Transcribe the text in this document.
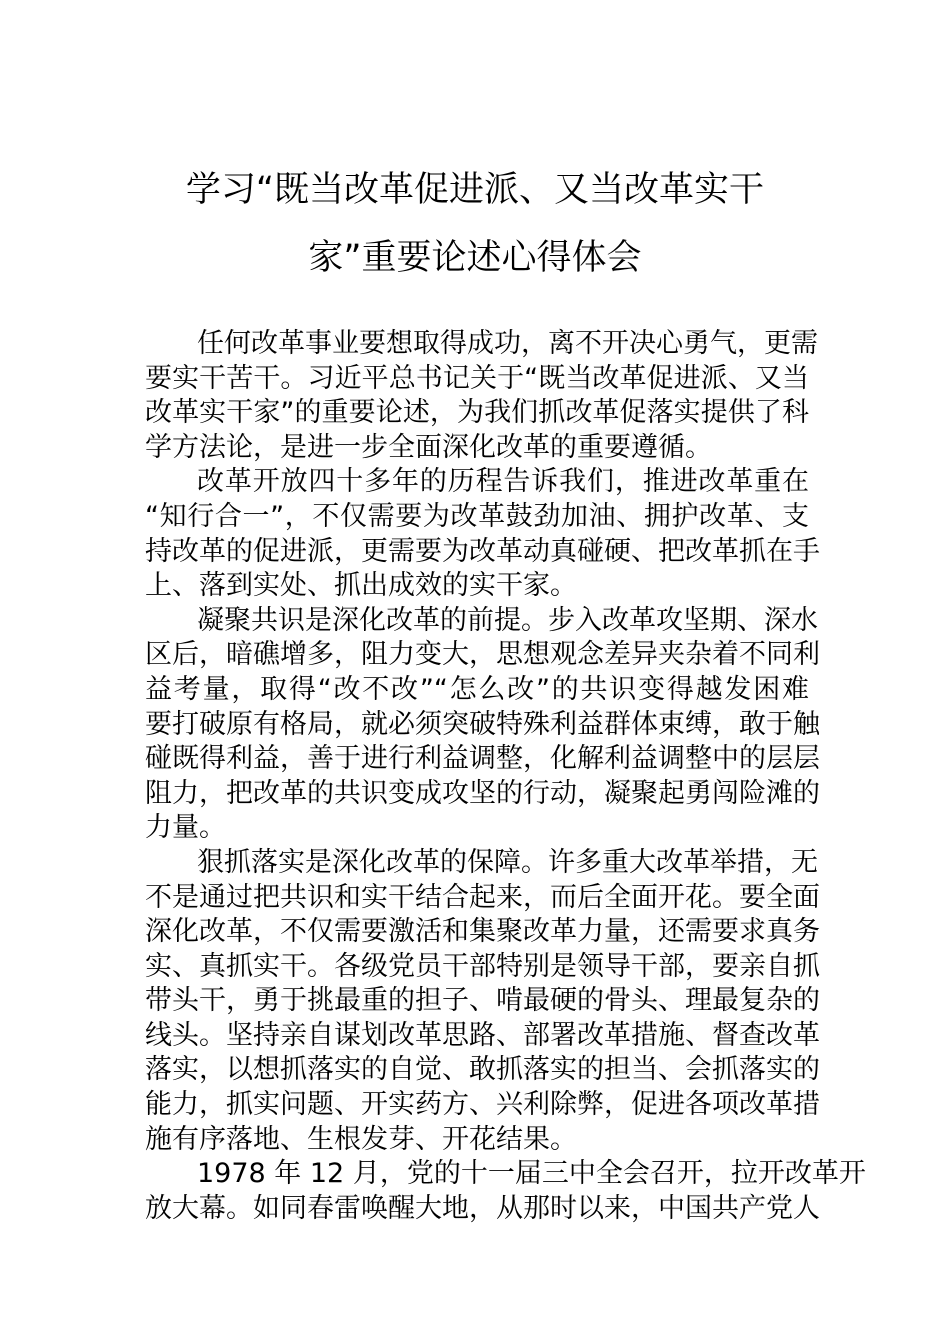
学习“既当改革促进派、又当改革实干
家”重要论述心得体会
任何改革事业要想取得成功，离不开决心勇气，更需
要实干苦干。习近平总书记关于“既当改革促进派、又当
改革实干家”的重要论述，为我们抓改革促落实提供了科
学方法论，是进一步全面深化改革的重要遵循。
改革开放四十多年的历程告诉我们，推进改革重在
“知行合一”，不仅需要为改革鼓劲加油、拥护改革、支
持改革的促进派，更需要为改革动真碰硬、把改革抓在手
上、落到实处、抓出成效的实干家。
凝聚共识是深化改革的前提。步入改革攻坚期、深水
区后，暗礁增多，阻力变大，思想观念差异夹杂着不同利
益考量，取得“改不改”“怎么改”的共识变得越发困难
要打破原有格局，就必须突破特殊利益群体束缚，敢于触
碰既得利益，善于进行利益调整，化解利益调整中的层层
阻力，把改革的共识变成攻坚的行动，凝聚起勇闯险滩的
力量。
狠抓落实是深化改革的保障。许多重大改革举措，无
不是通过把共识和实干结合起来，而后全面开花。要全面
深化改革，不仅需要激活和集聚改革力量，还需要求真务
实、真抓实干。各级党员干部特别是领导干部，要亲自抓
带头干，勇于挑最重的担子、啃最硬的骨头、理最复杂的
线头。坚持亲自谋划改革思路、部署改革措施、督查改革
落实，以想抓落实的自觉、敢抓落实的担当、会抓落实的
能力，抓实问题、开实药方、兴利除弊，促进各项改革措
施有序落地、生根发芽、开花结果。
1978 年 12 月，党的十一届三中全会召开，拉开改革开
放大幕。如同春雷唤醒大地，从那时以来，中国共产党人
